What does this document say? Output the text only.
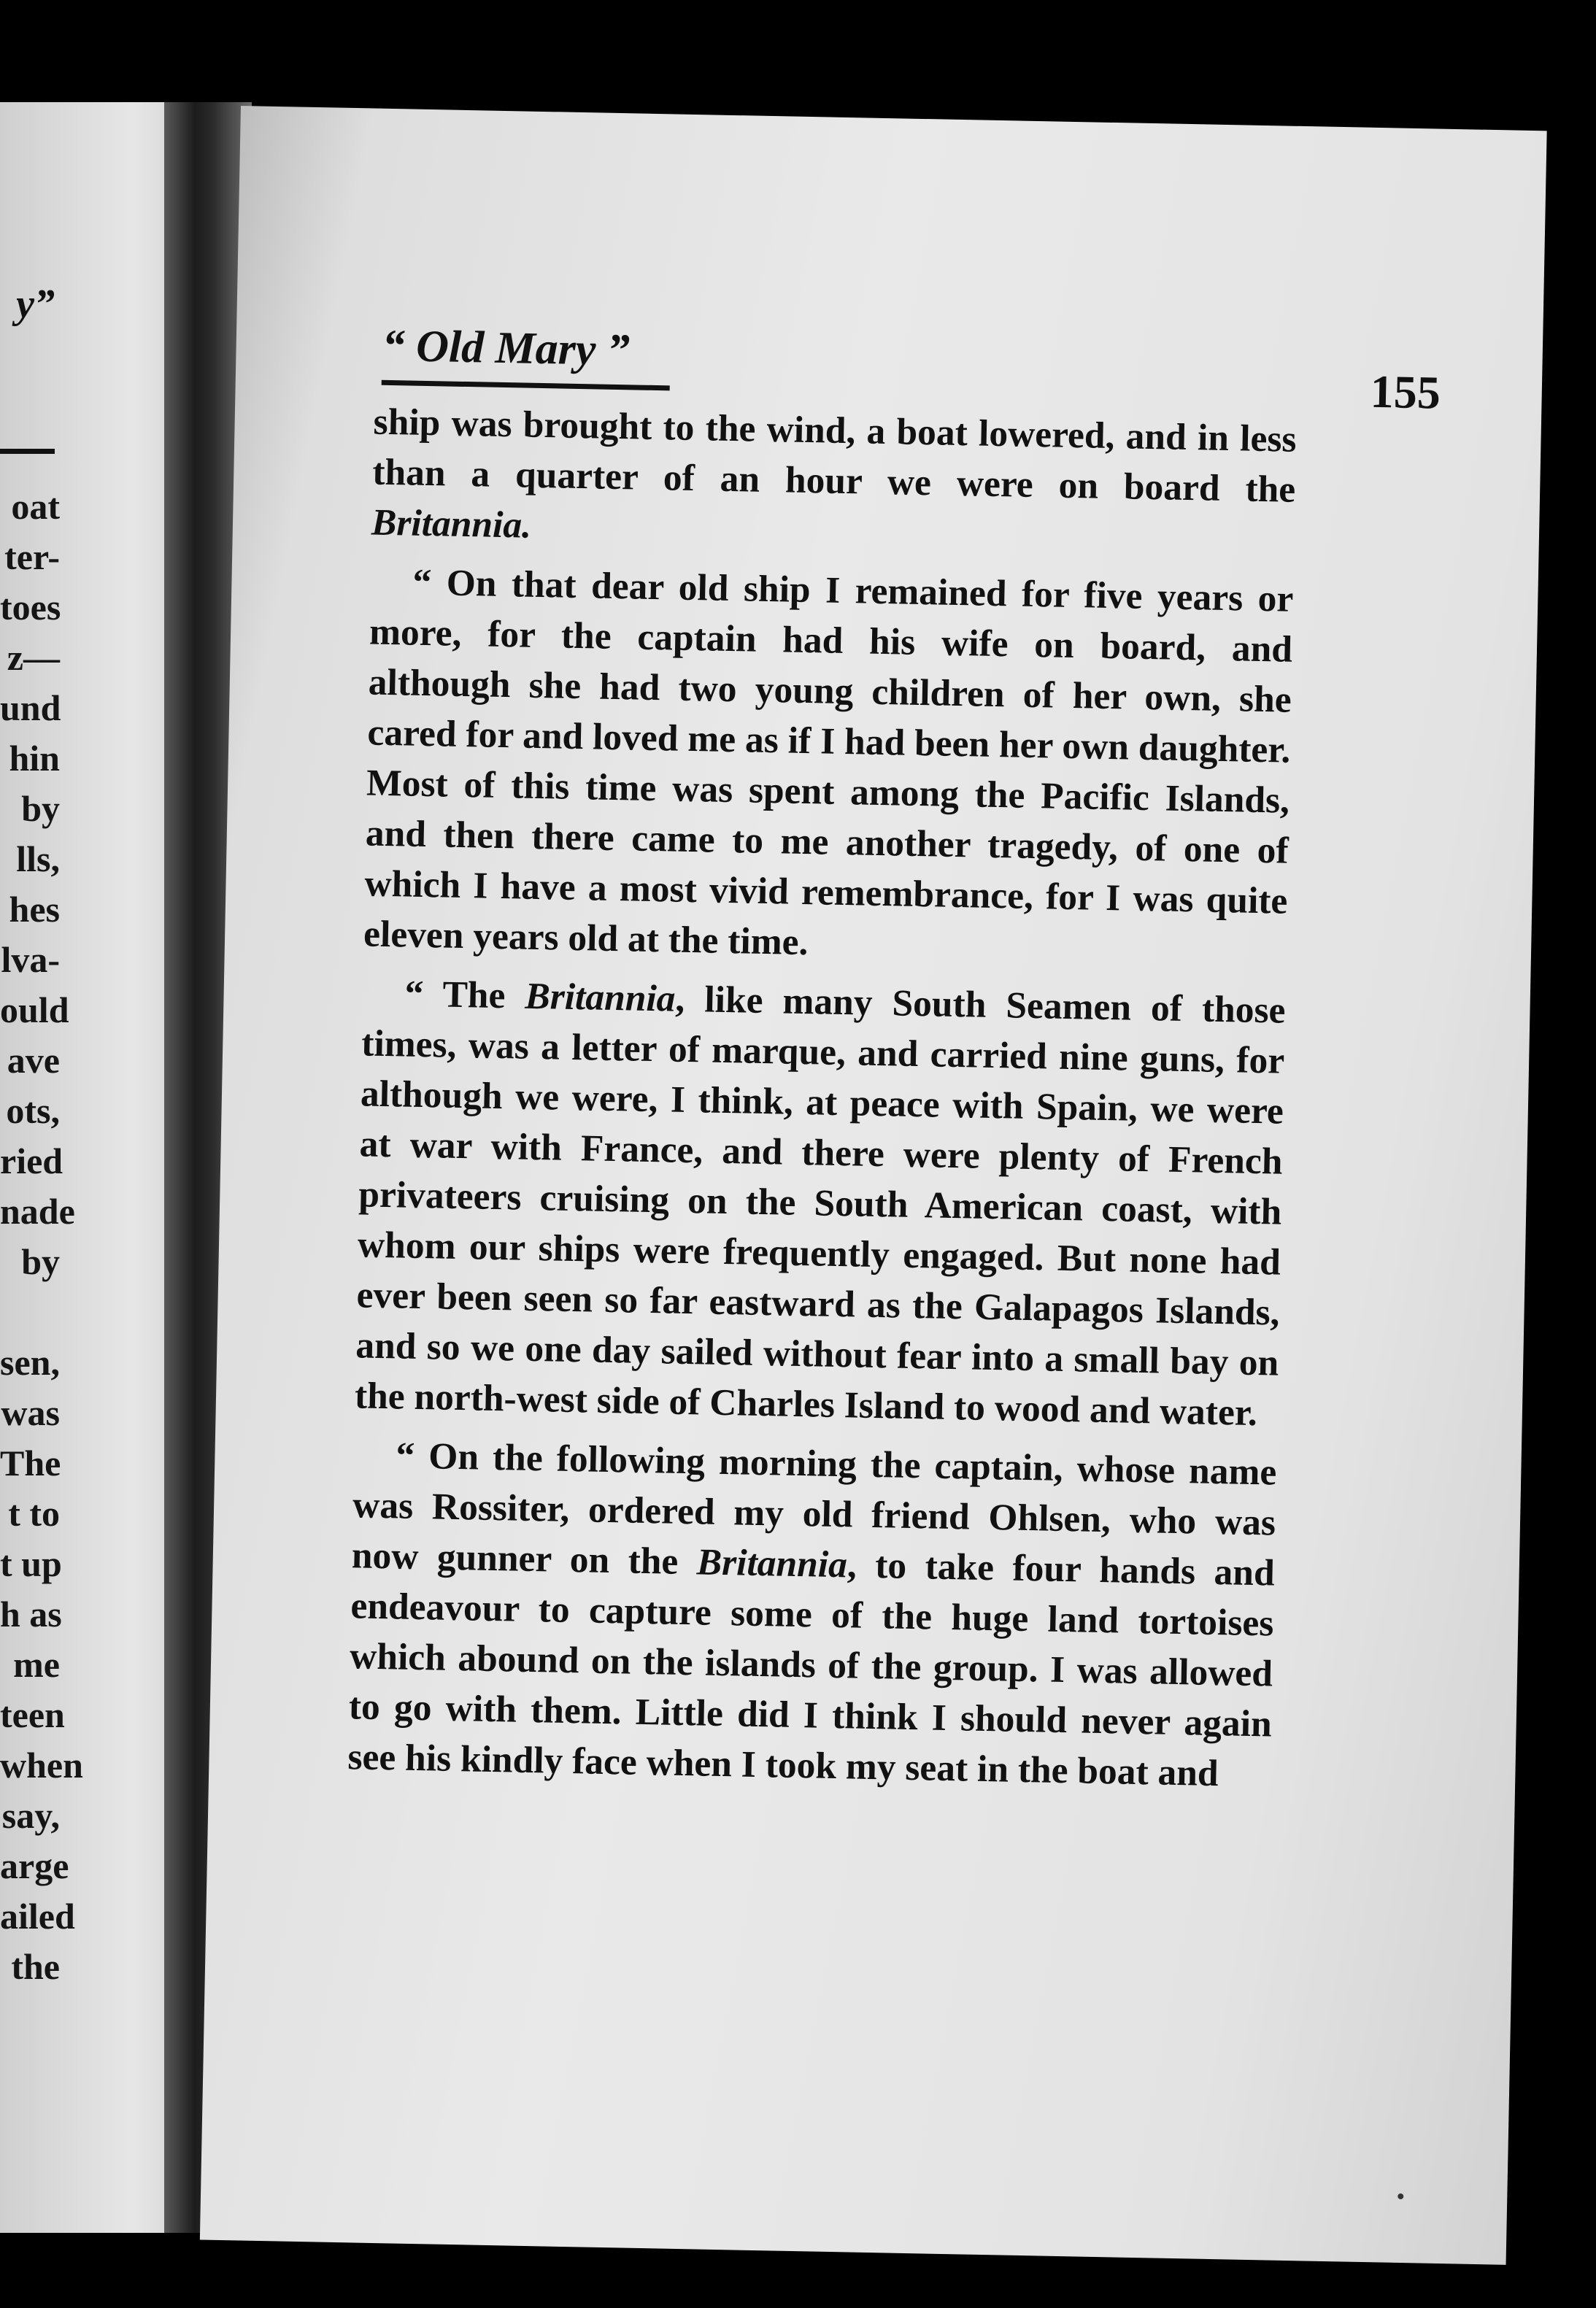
y”
oat
ter-
toes
z—
und
hin
by
lls,
hes
lva-
ould
ave
ots,
ried
nade
by
sen,
was
The
t to
t up
h as
me
teen
when
say,
arge
ailed
the
“ Old Mary ”
155

ship was brought to the wind, a boat lowered, and in less than a quarter of an hour we were on board the Britannia.

“ On that dear old ship I remained for five years or more, for the captain had his wife on board, and although she had two young children of her own, she cared for and loved me as if I had been her own daughter. Most of this time was spent among the Pacific Islands, and then there came to me another tragedy, of one of which I have a most vivid remembrance, for I was quite eleven years old at the time.

“ The Britannia, like many South Seamen of those times, was a letter of marque, and carried nine guns, for although we were, I think, at peace with Spain, we were at war with France, and there were plenty of French privateers cruising on the South American coast, with whom our ships were frequently engaged. But none had ever been seen so far eastward as the Galapagos Islands, and so we one day sailed without fear into a small bay on the north-west side of Charles Island to wood and water.

“ On the following morning the captain, whose name was Rossiter, ordered my old friend Ohlsen, who was now gunner on the Britannia, to take four hands and endeavour to capture some of the huge land tortoises which abound on the islands of the group. I was allowed to go with them. Little did I think I should never again see his kindly face when I took my seat in the boat and
